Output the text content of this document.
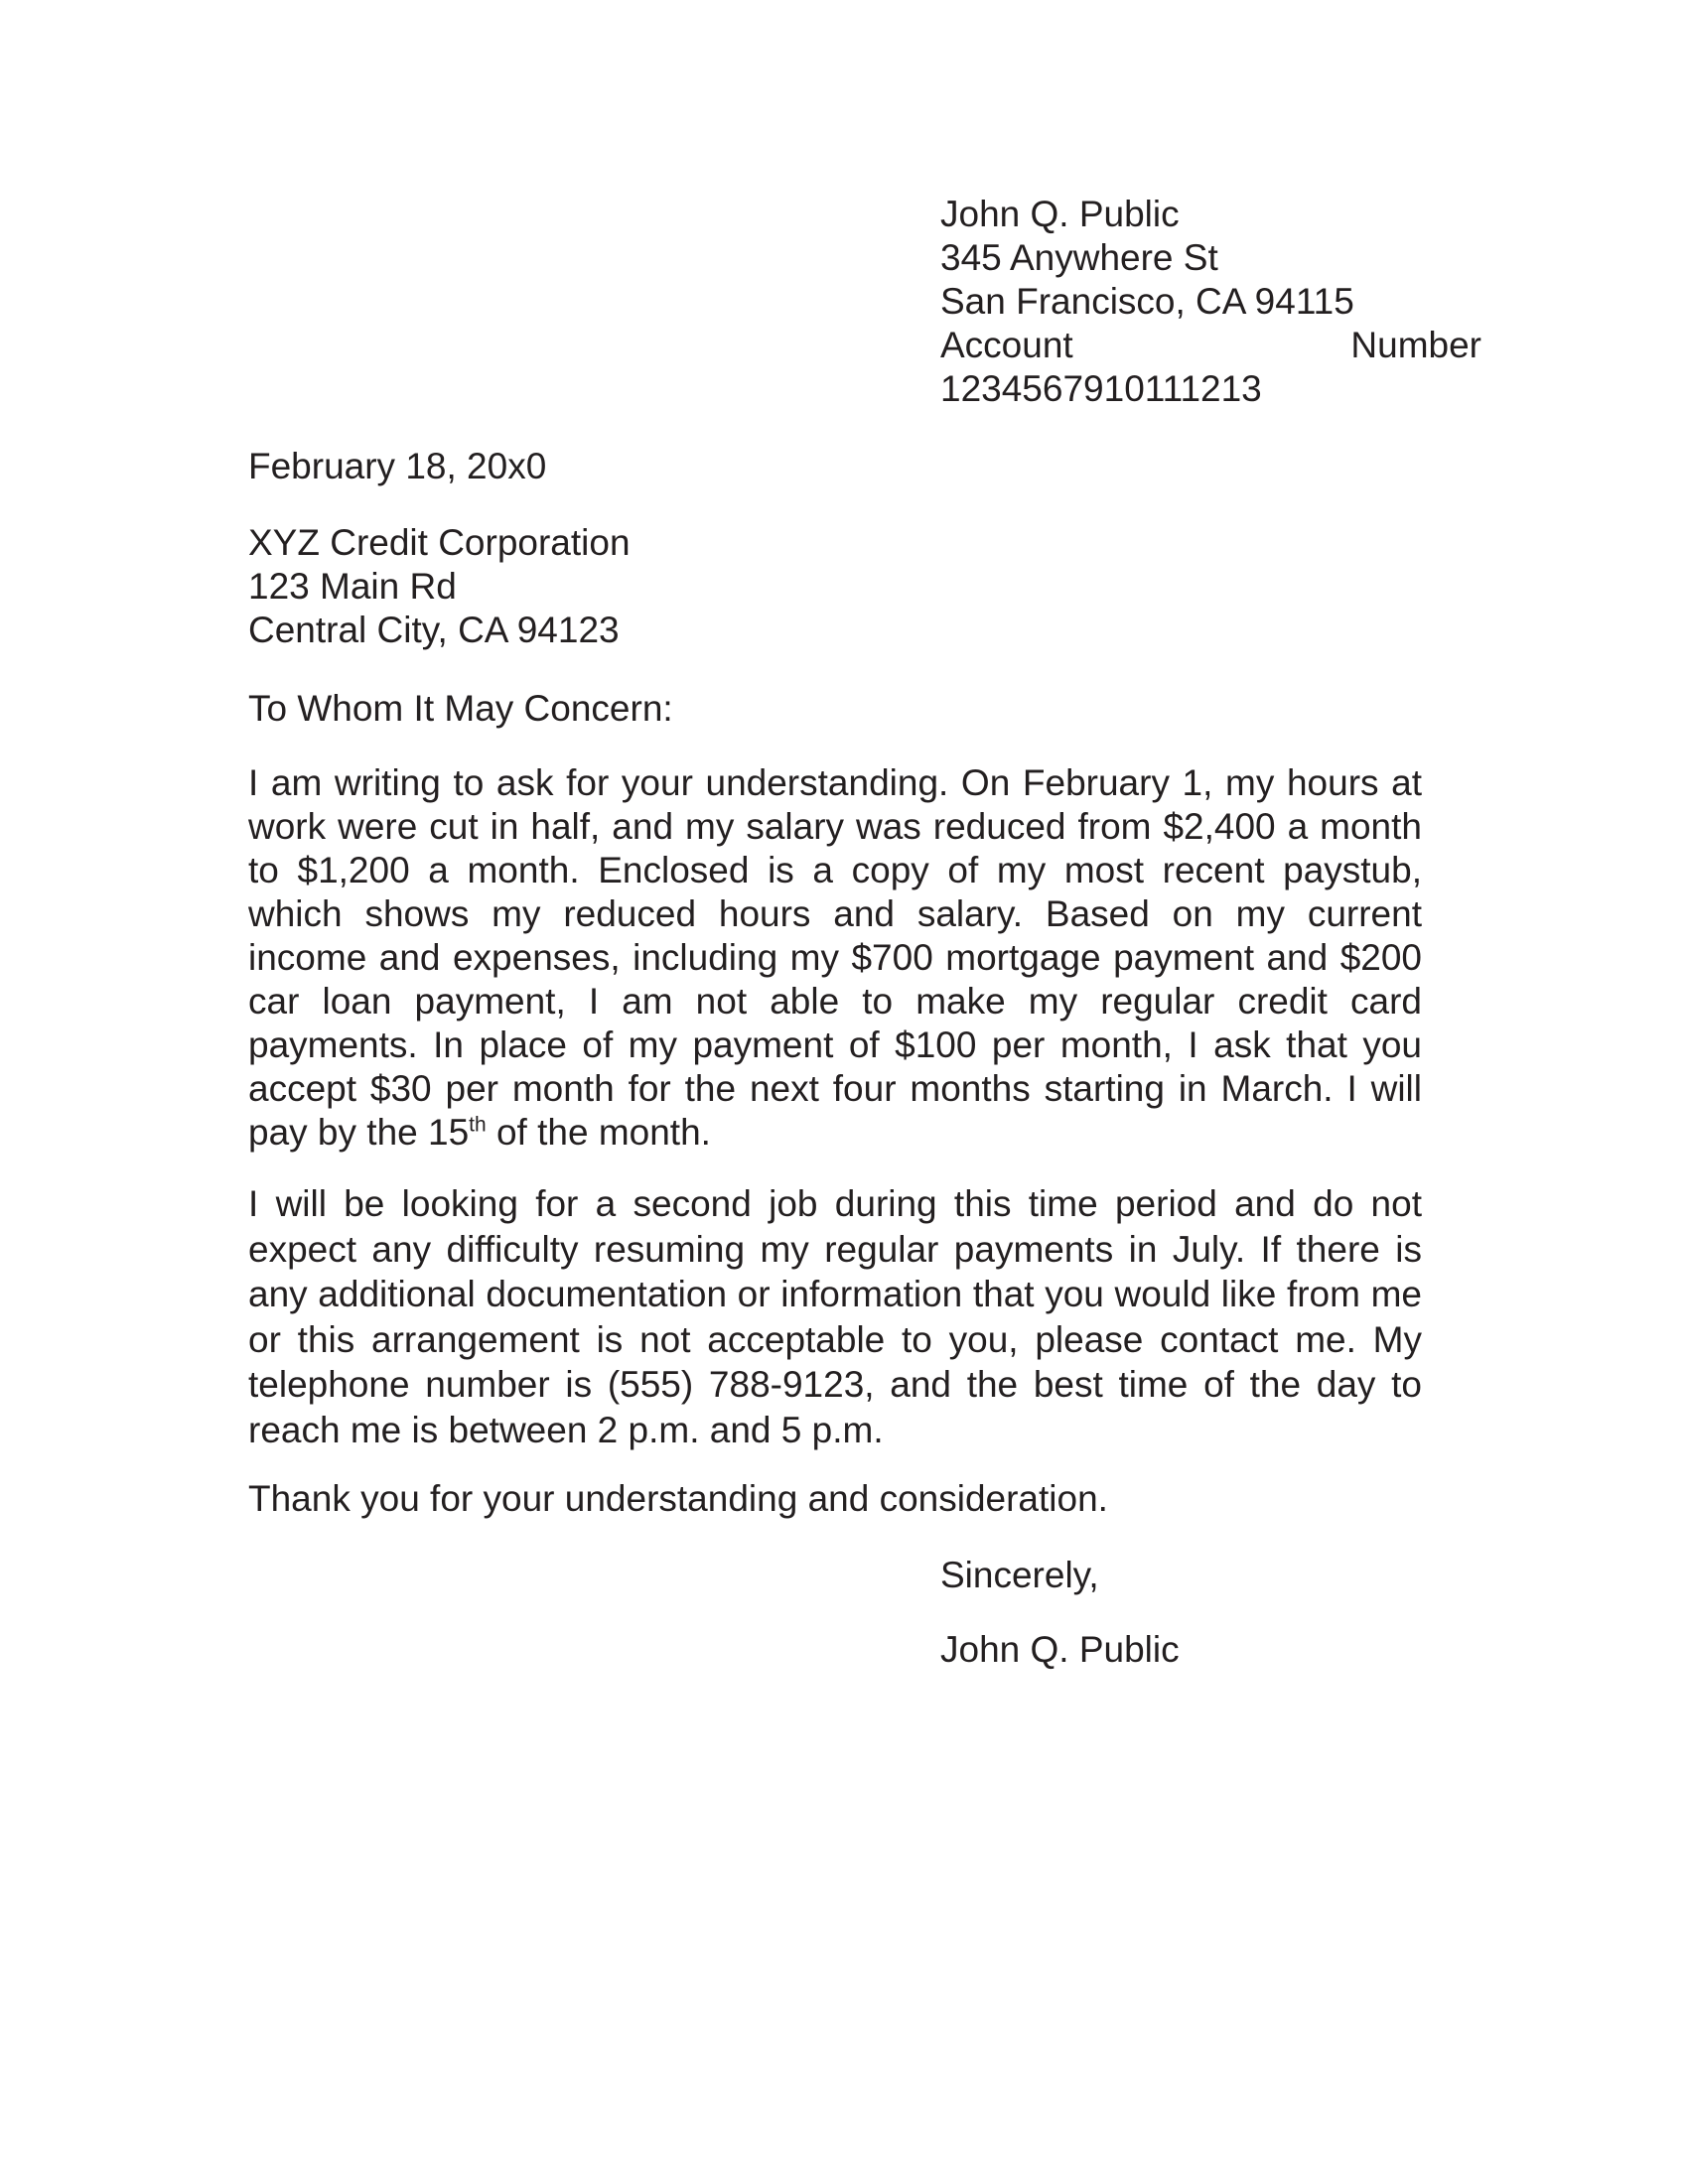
John Q. Public
345 Anywhere St
San Francisco, CA 94115
Account	Number
1234567910111213
February 18, 20x0
XYZ Credit Corporation
123 Main Rd
Central City, CA 94123
To Whom It May Concern:

I am writing to ask for your understanding. On February 1, my hours at work were cut in half, and my salary was reduced from $2,400 a month to $1,200 a month. Enclosed is a copy of my most recent paystub, which shows my reduced hours and salary. Based on my current income and expenses, including my $700 mortgage payment and $200 car loan payment, I am not able to make my regular credit card payments. In place of my payment of $100 per month, I ask that you accept $30 per month for the next four months starting in March. I will pay by the 15th of the month.

I will be looking for a second job during this time period and do not expect any difficulty resuming my regular payments in July. If there is any additional documentation or information that you would like from me or this arrangement is not acceptable to you, please contact me. My telephone number is (555) 788-9123, and the best time of the day to reach me is between 2 p.m. and 5 p.m.

Thank you for your understanding and consideration.
Sincerely,
John Q. Public
